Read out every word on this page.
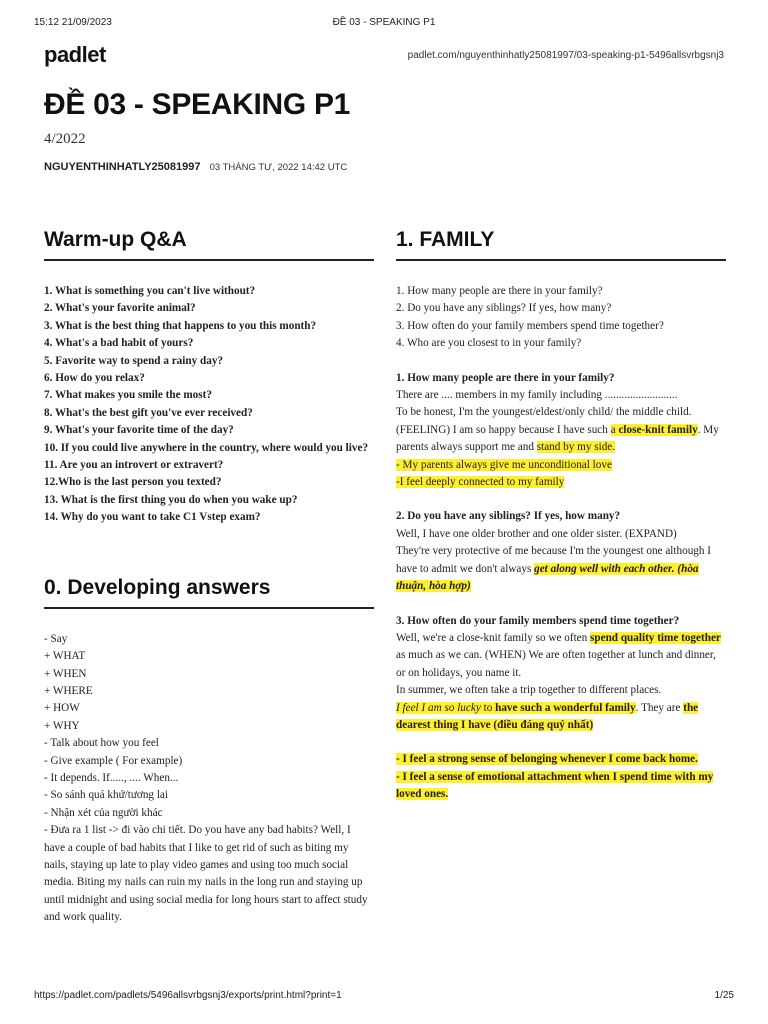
15:12 21/09/2023	ĐỀ 03 - SPEAKING P1
padlet	padlet.com/nguyenthinhatly25081997/03-speaking-p1-5496allsvrbgsnj3
ĐỀ 03 - SPEAKING P1
4/2022
NGUYENTHINHATLY25081997 03 THÁNG TƯ, 2022 14:42 UTC
Warm-up Q&A
1. What is something you can't live without?
2. What's your favorite animal?
3. What is the best thing that happens to you this month?
4. What's a bad habit of yours?
5. Favorite way to spend a rainy day?
6. How do you relax?
7. What makes you smile the most?
8. What's the best gift you've ever received?
9. What's your favorite time of the day?
10. If you could live anywhere in the country, where would you live?
11. Are you an introvert or extravert?
12.Who is the last person you texted?
13. What is the first thing you do when you wake up?
14. Why do you want to take C1 Vstep exam?
0. Developing answers
- Say
+ WHAT
+ WHEN
+ WHERE
+ HOW
+ WHY
- Talk about how you feel
- Give example ( For example)
- It depends. If....., .... When...
- So sánh quá khứ/tương lai
- Nhận xét của người khác
- Đưa ra 1 list -> đi vào chi tiết. Do you have any bad habits? Well, I have a couple of bad habits that I like to get rid of such as biting my nails, staying up late to play video games and using too much social media. Biting my nails can ruin my nails in the long run and staying up until midnight and using social media for long hours start to affect study and work quality.
1. FAMILY
1. How many people are there in your family?
2. Do you have any siblings? If yes, how many?
3. How often do your family members spend time together?
4. Who are you closest to in your family?
1. How many people are there in your family?
There are .... members in my family including ..........................
To be honest, I'm the youngest/eldest/only child/ the middle child.
(FEELING) I am so happy because I have such a close-knit family. My parents always support me and stand by my side.
- My parents always give me unconditional love
-I feel deeply connected to my family
2. Do you have any siblings? If yes, how many?
Well, I have one older brother and one older sister. (EXPAND)
They're very protective of me because I'm the youngest one although I have to admit we don't always get along well with each other. (hòa thuận, hòa hợp)
3. How often do your family members spend time together?
Well, we're a close-knit family so we often spend quality time together as much as we can. (WHEN) We are often together at lunch and dinner, or on holidays, you name it.
In summer, we often take a trip together to different places.
I feel I am so lucky to have such a wonderful family. They are the dearest thing I have (điều đáng quý nhất)
- I feel a strong sense of belonging whenever I come back home.
- I feel a sense of emotional attachment when I spend time with my loved ones.
https://padlet.com/padlets/5496allsvrbgsnj3/exports/print.html?print=1	1/25
